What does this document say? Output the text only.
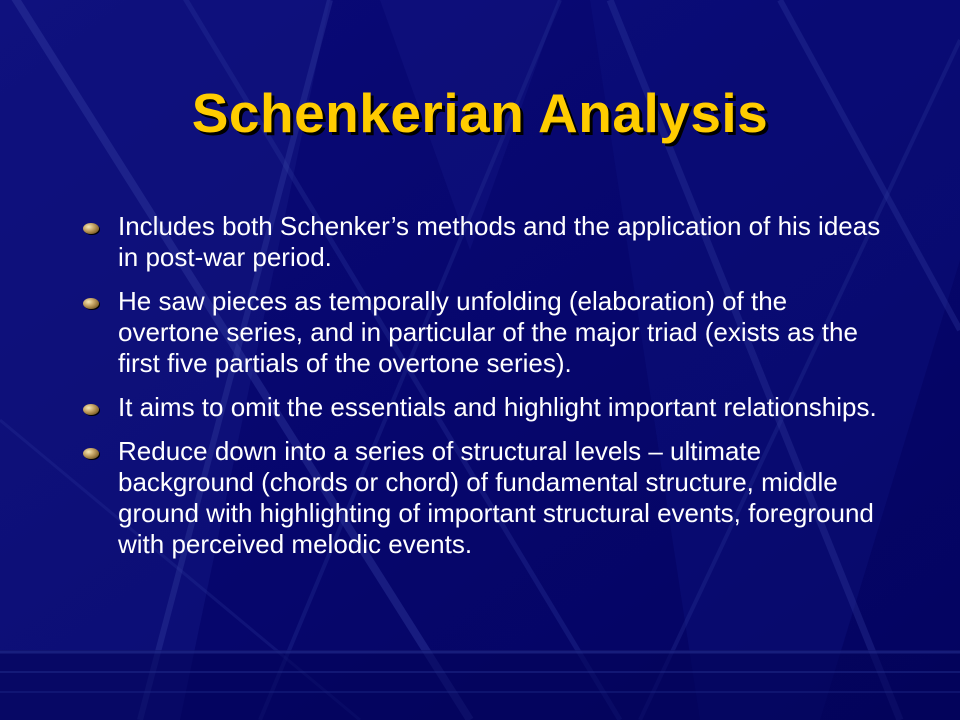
Schenkerian Analysis
Includes both Schenker’s methods and the application of his ideas in post-war period.
He saw pieces as temporally unfolding (elaboration) of the overtone series, and in particular of the major triad (exists as the first five partials of the overtone series).
It aims to omit the essentials and highlight important relationships.
Reduce down into a series of structural levels – ultimate background (chords or chord) of fundamental structure, middle ground with highlighting of important structural events, foreground with perceived melodic events.
